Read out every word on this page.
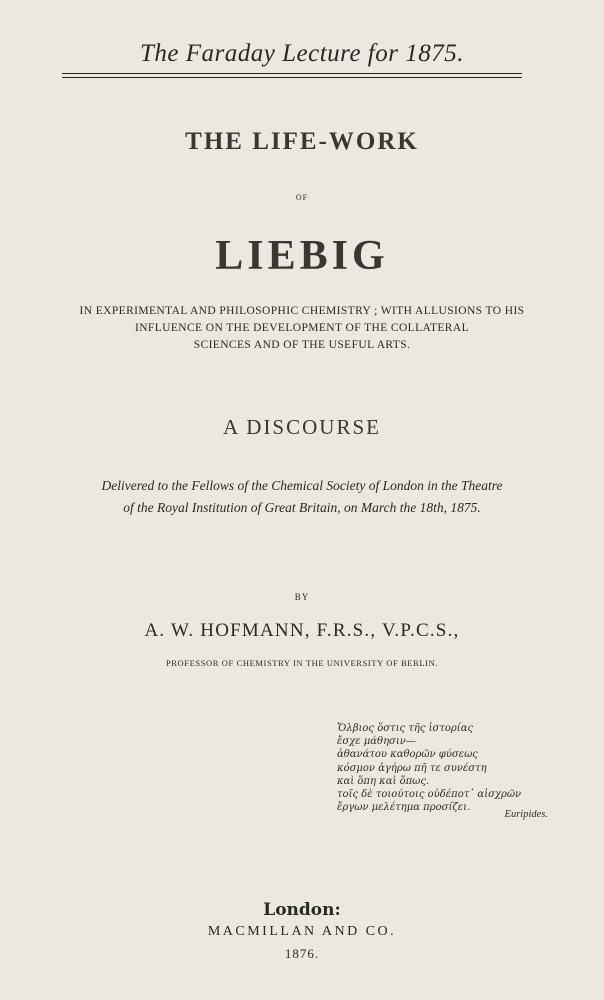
The Faraday Lecture for 1875.
THE LIFE-WORK
OF
LIEBIG
IN EXPERIMENTAL AND PHILOSOPHIC CHEMISTRY ; WITH ALLUSIONS TO HIS
INFLUENCE ON THE DEVELOPMENT OF THE COLLATERAL
SCIENCES AND OF THE USEFUL ARTS.
A DISCOURSE
Delivered to the Fellows of the Chemical Society of London in the Theatre
of the Royal Institution of Great Britain, on March the 18th, 1875.
BY
A. W. HOFMANN, F.R.S., V.P.C.S.,
PROFESSOR OF CHEMISTRY IN THE UNIVERSITY OF BERLIN.
Ὄλβιος ὅστις τῆς ἱστορίας
ἔσχε μάθησιν—
ἀθανάτου καθορῶν φύσεως
κόσμον ἀγήρω πῆ τε συνέστη
καὶ ὅπη καὶ ὅπως.
τοῖς δὲ τοιούτοις οὐδέποτ᾽ αἰσχρῶν
ἔργων μελέτημα προσίζει.
Euripides.
London:
MACMILLAN AND CO.
1876.
